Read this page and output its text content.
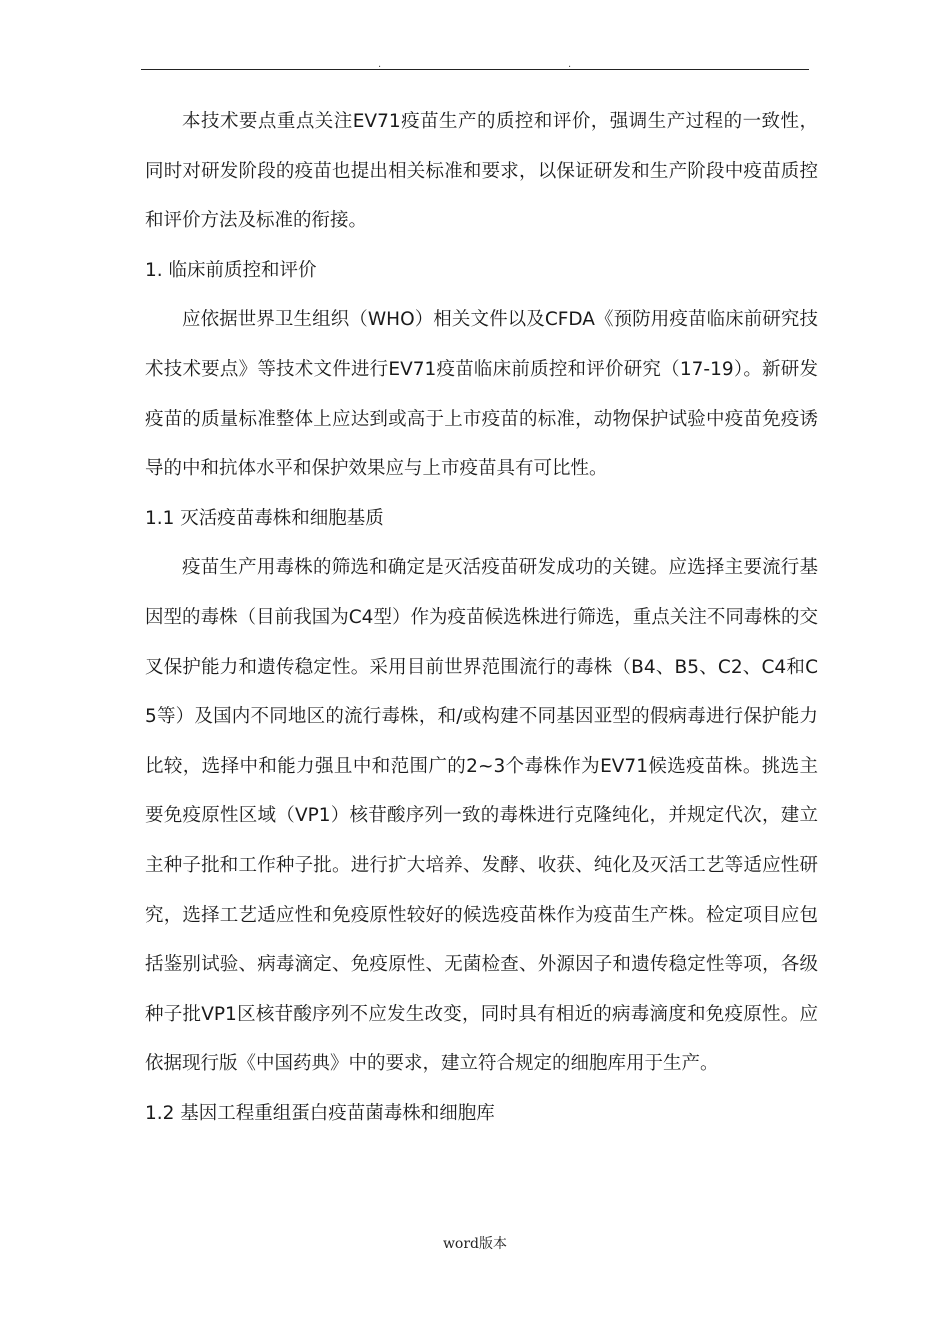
.	.

本技术要点重点关注EV71疫苗生产的质控和评价，强调生产过程的一致性，同时对研发阶段的疫苗也提出相关标准和要求，以保证研发和生产阶段中疫苗质控和评价方法及标准的衔接。

1. 临床前质控和评价

应依据世界卫生组织（WHO）相关文件以及CFDA《预防用疫苗临床前研究技术技术要点》等技术文件进行EV71疫苗临床前质控和评价研究（17-19）。新研发疫苗的质量标准整体上应达到或高于上市疫苗的标准，动物保护试验中疫苗免疫诱导的中和抗体水平和保护效果应与上市疫苗具有可比性。

1.1 灭活疫苗毒株和细胞基质

疫苗生产用毒株的筛选和确定是灭活疫苗研发成功的关键。应选择主要流行基因型的毒株（目前我国为C4型）作为疫苗候选株进行筛选，重点关注不同毒株的交叉保护能力和遗传稳定性。采用目前世界范围流行的毒株（B4、B5、C2、C4和C5等）及国内不同地区的流行毒株，和/或构建不同基因亚型的假病毒进行保护能力比较，选择中和能力强且中和范围广的2~3个毒株作为EV71候选疫苗株。挑选主要免疫原性区域（VP1）核苷酸序列一致的毒株进行克隆纯化，并规定代次，建立主种子批和工作种子批。进行扩大培养、发酵、收获、纯化及灭活工艺等适应性研究，选择工艺适应性和免疫原性较好的候选疫苗株作为疫苗生产株。检定项目应包括鉴别试验、病毒滴定、免疫原性、无菌检查、外源因子和遗传稳定性等项，各级种子批VP1区核苷酸序列不应发生改变，同时具有相近的病毒滴度和免疫原性。应依据现行版《中国药典》中的要求，建立符合规定的细胞库用于生产。

1.2 基因工程重组蛋白疫苗菌毒株和细胞库

word版本
